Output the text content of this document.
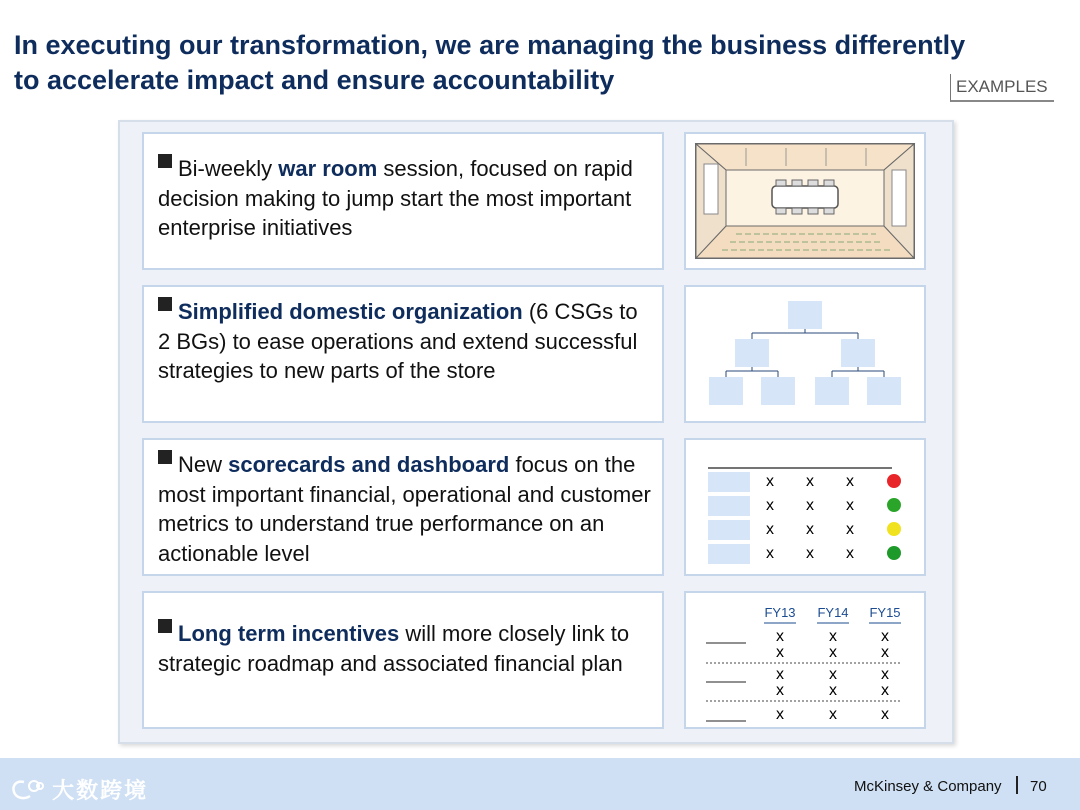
In executing our transformation, we are managing the business differently
to accelerate impact and ensure accountability	EXAMPLES
Bi-weekly war room session, focused on rapid decision making to jump start the most important enterprise initiatives
Simplified domestic organization (6 CSGs to 2 BGs) to ease operations and extend successful strategies to new parts of the store
New scorecards and dashboard focus on the most important financial, operational and customer metrics to understand true performance on an actionable level
x x x
x x x
x x x
x x x
Long term incentives will more closely link to strategic roadmap and associated financial plan
FY13 FY14 FY15
x	x	x
x	x	x
x	x	x
x	x	x
x	x	x
大数跨境	McKinsey & Company 70
